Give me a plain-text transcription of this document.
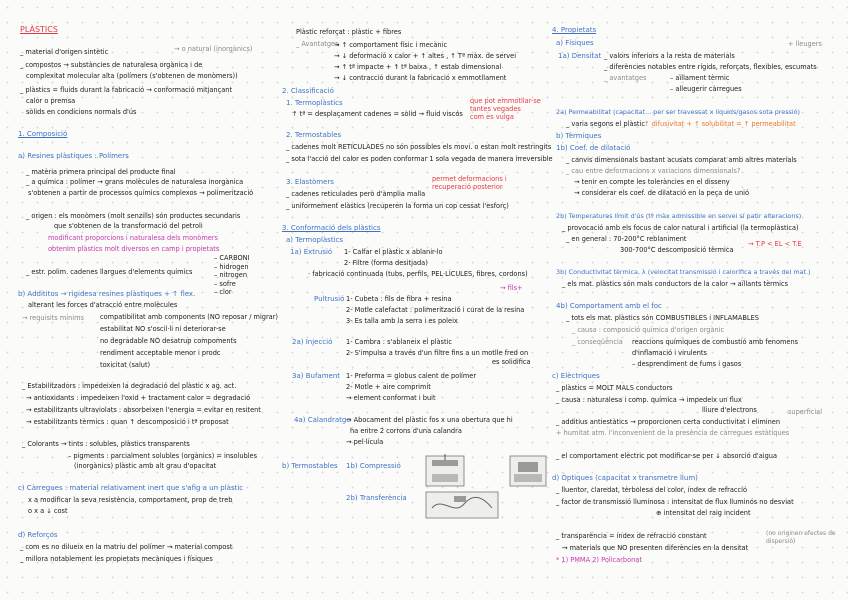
PLÀSTICS
_ material d'origen sintètic	→ o natural (inorgànics)
_ compostos → substàncies de naturalesa orgànica i de
complexitat molecular alta (polímers (s'obtenen de monòmers))
_ plàstics = fluids durant la fabricació → conformació mitjançant
calor o premsa
sòlids en condicions normals d'ús
1. Composició
a) Resines plàstiques : Polímers
_ matèria primera principal del producte final
_ a química : polímer → grans molècules de naturalesa inorgànica
s'obtenen a partir de processos químics complexos → polimerització
_ origen : els monòmers (molt senzills) són productes secundaris
que s'obtenen de la transformació del petroli
modificant proporcions i naturalesa dels monòmers
obtenim plàstics molt diversos en camp i propietats
_ estr. polim. cadenes llargues d'elements químics
– CARBONI
– hidrogen
– nitrogen
– sofre
– clor
b) Addititus → rigidesa resines plàstiques + ↑ flex.
alterant les forces d'atracció entre molècules
→ requisits mínims compatibilitat amb components (NO reposar / migrar)
estabilitat NO s'oscil·li ni deteriorar-se
no degradable NO desatrup compoments
rendiment acceptable menor i prodc
toxicitat (salut)
_ Estabilitzadors : impedeixen la degradació del plàstic x ag. act.
→ antioxidants : impedeixen l'oxid + tractament calor = degradació
→ estabilitzants ultraviolats : absorbeixen l'energia = evitar en resitent
→ estabilitzants tèrmics : quan ↑ descomposició i tª proposat
_ Colorants → tints : solubles, plàstics transparents
– pigments : parcialment solubles (orgànics) = insolubles
(inorgànics) plàstic amb alt grau d'opacitat
c) Càrregues : material relativament inert que s'afig a un plàstic
x a modificar la seva resistència, comportament, prop de treb
o x a ↓ cost
d) Reforços
_ com es no dilueix en la matriu del polímer → material compost
_ millora notablement les propietats mecàniques i físiques
Plàstic reforçat : plàstic + fibres
_ Avantatges
→ ↑ comportament físic i mecànic
→ ↓ deformació x calor + ↑ altes , ↑ Tª màx. de servei
→ ↑ tª impacte + ↑ tª baixa , ↑ estab dimensional
→ ↓ contracció durant la fabricació x emmotllament
2. Classificació
1. Termoplàstics
↑ tª = desplaçament cadenes = sòlid → fluid viscós
que pot emmotllar-se
tantes vegades
com es vulga
2. Termostables
_ cadenes molt RETICULADES no són possibles els movi. o estan molt restringits
_ sota l'acció del calor es poden conformar 1 sola vegada de manera irreversible
3. Elastòmers	permet deformacions i
recuperació posterior
_ cadenes reticulades però d'àmplia malla
_ uniformement elàstics (recuperen la forma un cop cessat l'esforç)
3. Conformació dels plàstics
a) Termoplàstics
1a) Extrusió 1- Calfar el plàstic x ablanir-lo
2- Filtre (forma desitjada)
· fabricació continuada (tubs, perfils, PEL·LÍCULES, fibres, cordons)
→ fils+
Pultrusió 1- Cubeta : fils de fibra + resina
2- Motle calefactat : polimerització i curat de la resina
3- Es talla amb la serra i es poleix
2a) Injecció 1- Cambra : s'ablaneix el plàstic
2- S'impulsa a través d'un filtre fins a un motlle fred on
es solidifica
3a) Bufament 1- Preforma = globus calent de polímer
2- Motle + aire comprimit
→ element conformat i buit
4a) Calandratge
→ Abocament del plàstic fos x una obertura que hi
ha entre 2 corrons d'una calandra
→ pel·lícula
b) Termostables 1b) Compressió
2b) Transferència
4. Propietats
a) Físiques	+ lleugers
1a) Densitat _ valors inferiors a la resta de materials
_ diferències notables entre rígids, reforçats, flexibles, escumats
_ avantatges	– aïllament tèrmic
– alleugerir càrregues
2a) Permeabilitat (capacitat... per ser travessat x líquids/gasos sota pressió)
_ varia segons el plàstic ↑ difusivitat + ↑ solubilitat = ↑ permeabilitat
b) Tèrmiques
1b) Coef. de dilatació
_ canvis dimensionals bastant acusats comparat amb altres materials
_ cau entre deformacions x variacions dimensionals?
→ tenir en compte les toleràncies en el disseny
→ considerar els coef. de dilatació en la peça de unió
2b) Temperatures límit d'ús (tª màx admissible en servei sí patir alteracions)
_ provocació amb els focus de calor natural i artificial (la termoplàstica)
_ en general : 70-200°C reblaniment
300-700°C descomposició tèrmica
→ T.P < EL < T.E
3b) Conductivitat tèrmica, λ (velocitat transmissió i calorífica a través del mat.)
_ els mat. plàstics són mals conductors de la calor → aïllants tèrmics
4b) Comportament amb el foc
_ tots els mat. plàstics són COMBUSTIBLES i INFLAMABLES
_ causa : composició química d'origen orgànic
_ conseqüència reaccions químiques de combustió amb fenomens
d'inflamació i virulents
– desprendiment de fums i gasos
c) Elèctriques
_ plàstics = MOLT MALS conductors
_ causa : naturalesa i comp. química → impedeix un flux
lliure d'electrons
_ additius antiestàtics → proporcionen certa conductivitat i eliminen
+ humitat atm. l'inconvenient de la presència de càrregues estàtiques
_ el comportament elèctric pot modificar-se per ↓ absorció d'aigua
superficial
d) Òptiques (capacitat x transmetre llum)
_ lluentor, claredat, tèrbolesa del color, índex de refracció
_ factor de transmissió lluminosa : intensitat de flux lluminós no desviat
⊕ intensitat del raig incident
_ transparència = índex de refracció constant
→ materials que NO presenten diferències en la densitat
(no originen efectes de dispersió)
* 1) PMMA 2) Policarbonat
